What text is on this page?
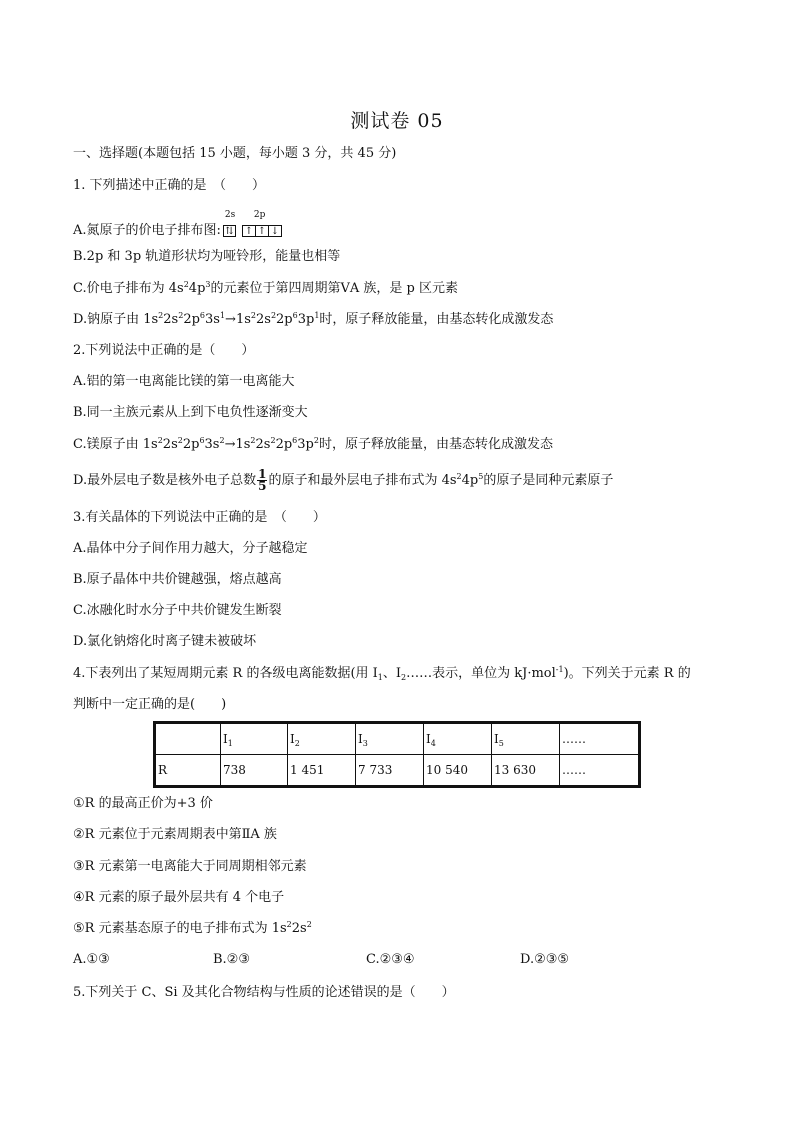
测试卷 05
一、选择题(本题包括 15 小题，每小题 3 分，共 45 分)
1. 下列描述中正确的是　（　　）
A.氮原子的价电子排布图:
2s 2p
⇅ ↑ ↑ ↓
B.2p 和 3p 轨道形状均为哑铃形，能量也相等
C.价电子排布为 $4s^24p^3$的元素位于第四周期第ⅤA 族，是 p 区元素
D.钠原子由 $1s^22s^22p^63s^1\to 1s^22s^22p^63p^1$时，原子释放能量，由基态转化成激发态
2.下列说法中正确的是（　　）
A.铝的第一电离能比镁的第一电离能大
B.同一主族元素从上到下电负性逐渐变大
C.镁原子由 $1s^22s^22p^63s^2\to 1s^22s^22p^63p^2$时，原子释放能量，由基态转化成激发态
D.最外层电子数是核外电子总数 $\frac{1}{5}$ 的原子和最外层电子排布式为 $4s^24p^5$的原子是同种元素原子
3.有关晶体的下列说法中正确的是　（　　）
A.晶体中分子间作用力越大，分子越稳定
B.原子晶体中共价键越强，熔点越高
C.冰融化时水分子中共价键发生断裂
D.氯化钠熔化时离子键未被破坏
4.下表列出了某短周期元素 R 的各级电离能数据(用 $I_1$、$I_2\dots\dots$表示，单位为 kJ·mol$^{-1}$)。下列关于元素 R 的
判断中一定正确的是(　　)
	$I_1$	$I_2$	$I_3$	$I_4$	$I_5$	……
R	738	1 451	7 733	10 540	13 630	……
①R 的最高正价为+3 价
②R 元素位于元素周期表中第ⅡA 族
③R 元素第一电离能大于同周期相邻元素
④R 元素的原子最外层共有 4 个电子
⑤R 元素基态原子的电子排布式为 $1s^22s^2$
A.①③	B.②③	C.②③④	D.②③⑤
5.下列关于 C、Si 及其化合物结构与性质的论述错误的是（　　）
